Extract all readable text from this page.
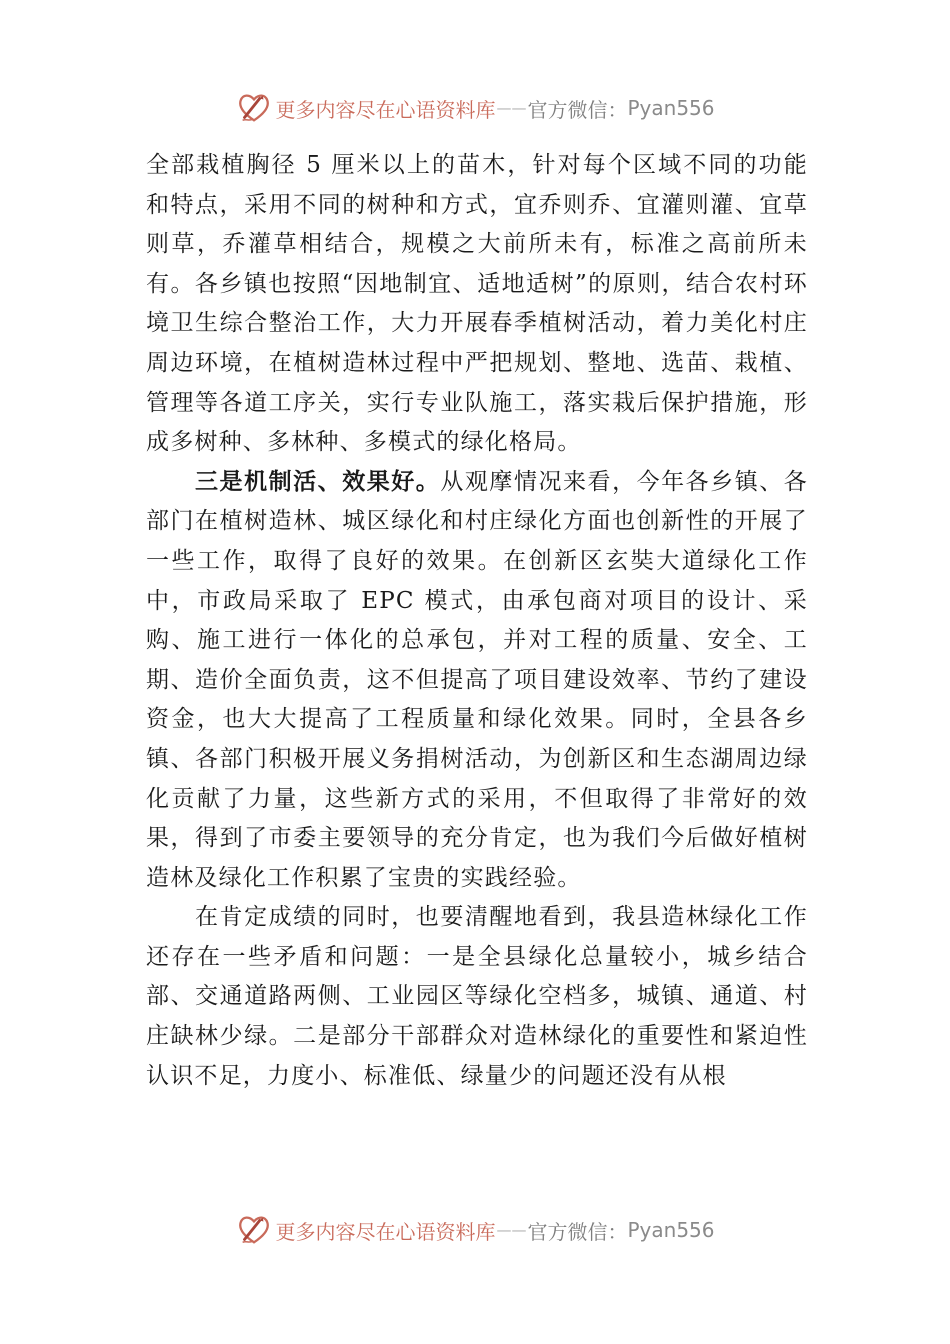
更多内容尽在心语资料库 —— 官方微信： Pyan556

全部栽植胸径 5 厘米以上的苗木，针对每个区域不同的功能和特点，采用不同的树种和方式，宜乔则乔、宜灌则灌、宜草则草，乔灌草相结合，规模之大前所未有，标准之高前所未有。各乡镇也按照“因地制宜、适地适树”的原则，结合农村环境卫生综合整治工作，大力开展春季植树活动，着力美化村庄周边环境，在植树造林过程中严把规划、整地、选苗、栽植、管理等各道工序关，实行专业队施工，落实栽后保护措施，形成多树种、多林种、多模式的绿化格局。

三是机制活、效果好。从观摩情况来看，今年各乡镇、各部门在植树造林、城区绿化和村庄绿化方面也创新性的开展了一些工作，取得了良好的效果。在创新区玄奘大道绿化工作中，市政局采取了 EPC 模式，由承包商对项目的设计、采购、施工进行一体化的总承包，并对工程的质量、安全、工期、造价全面负责，这不但提高了项目建设效率、节约了建设资金，也大大提高了工程质量和绿化效果。同时，全县各乡镇、各部门积极开展义务捐树活动，为创新区和生态湖周边绿化贡献了力量，这些新方式的采用，不但取得了非常好的效果，得到了市委主要领导的充分肯定，也为我们今后做好植树造林及绿化工作积累了宝贵的实践经验。

在肯定成绩的同时，也要清醒地看到，我县造林绿化工作还存在一些矛盾和问题：一是全县绿化总量较小，城乡结合部、交通道路两侧、工业园区等绿化空档多，城镇、通道、村庄缺林少绿。二是部分干部群众对造林绿化的重要性和紧迫性认识不足，力度小、标准低、绿量少的问题还没有从根

更多内容尽在心语资料库 —— 官方微信： Pyan556
